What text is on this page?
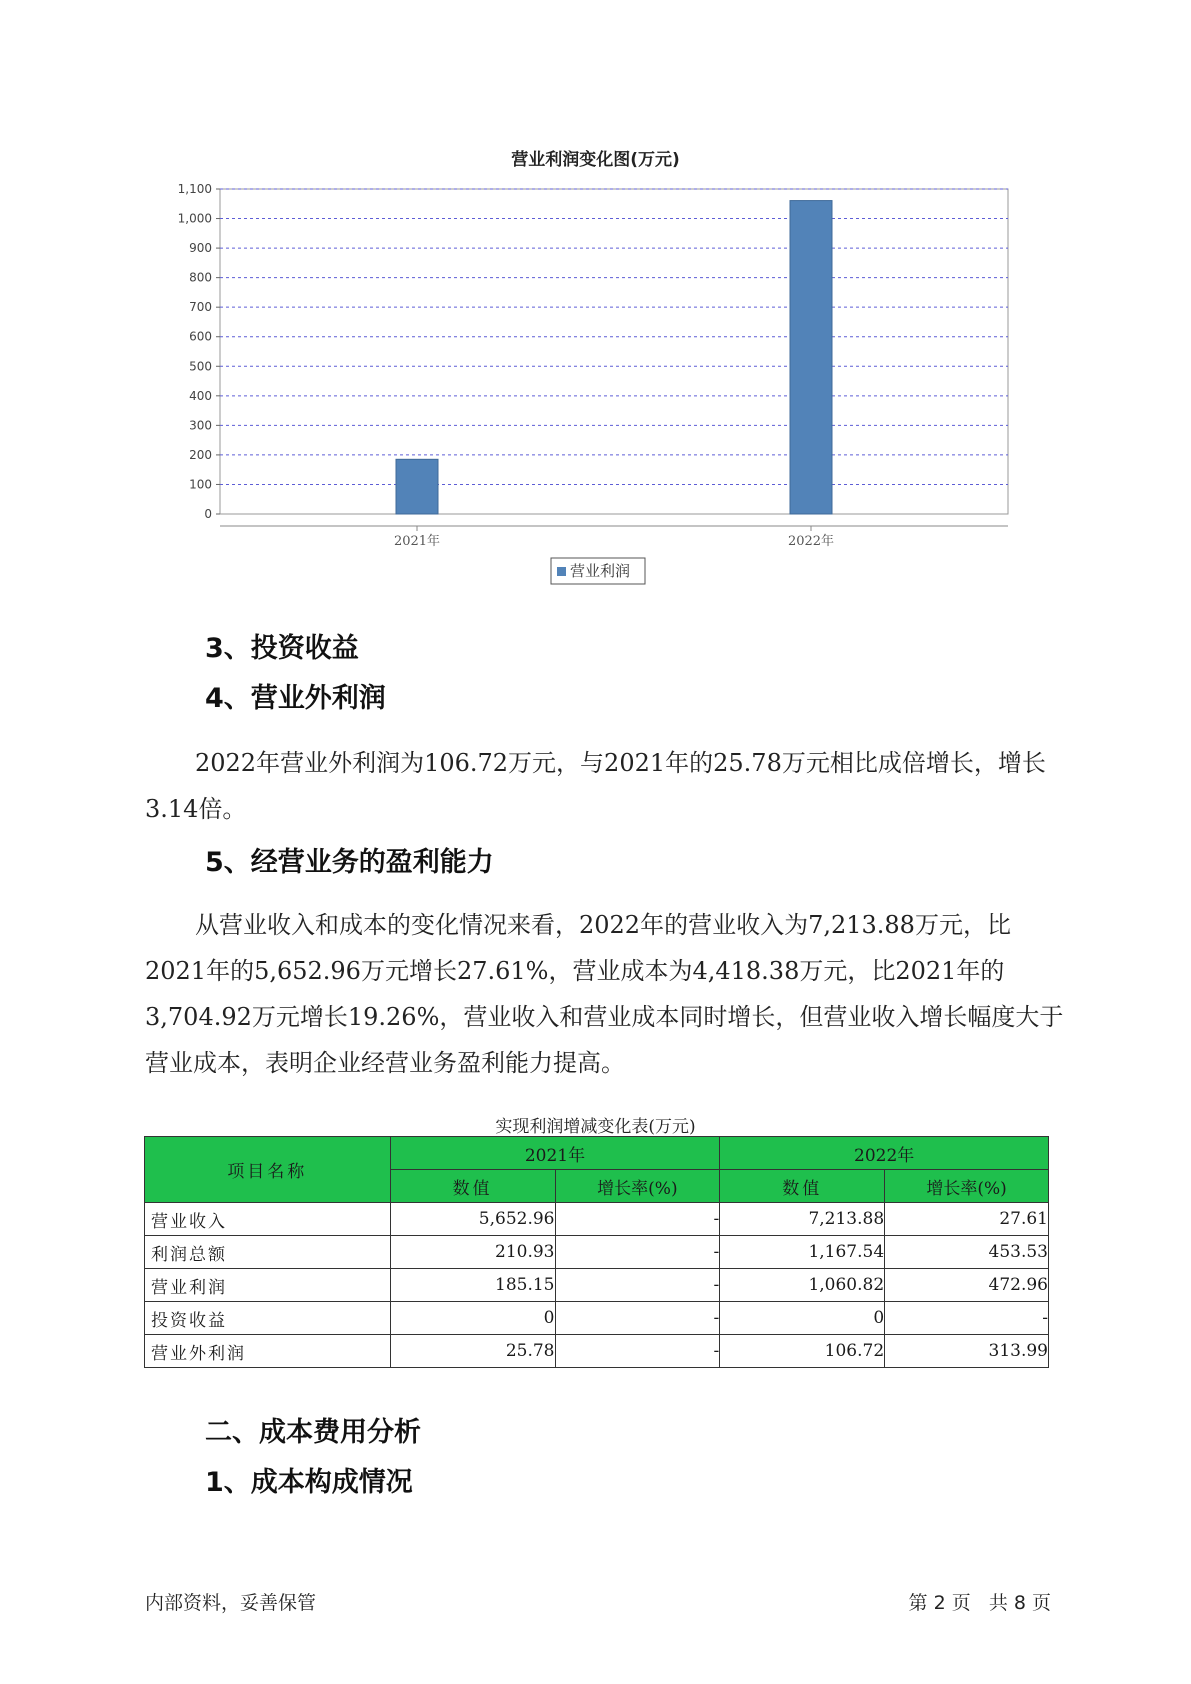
营业利润变化图(万元)
0
100
200
300
400
500
600
700
800
900
1,000
1,100
2021年	2022年
营业利润
3、投资收益
4、营业外利润

2022年营业外利润为106.72万元，与2021年的25.78万元相比成倍增长，增长3.14倍。

5、经营业务的盈利能力

从营业收入和成本的变化情况来看，2022年的营业收入为7,213.88万元，比2021年的5,652.96万元增长27.61%，营业成本为4,418.38万元，比2021年的3,704.92万元增长19.26%，营业收入和营业成本同时增长，但营业收入增长幅度大于营业成本，表明企业经营业务盈利能力提高。

实现利润增减变化表(万元)
项目名称	2021年		2022年	
	数值	增长率(%)	数值	增长率(%)
营业收入	5,652.96	-	7,213.88	27.61
利润总额	210.93	-	1,167.54	453.53
营业利润	185.15	-	1,060.82	472.96
投资收益	0	-	0	-
营业外利润	25.78	-	106.72	313.99
二、成本费用分析
1、成本构成情况
内部资料，妥善保管	第 2 页   共 8 页
